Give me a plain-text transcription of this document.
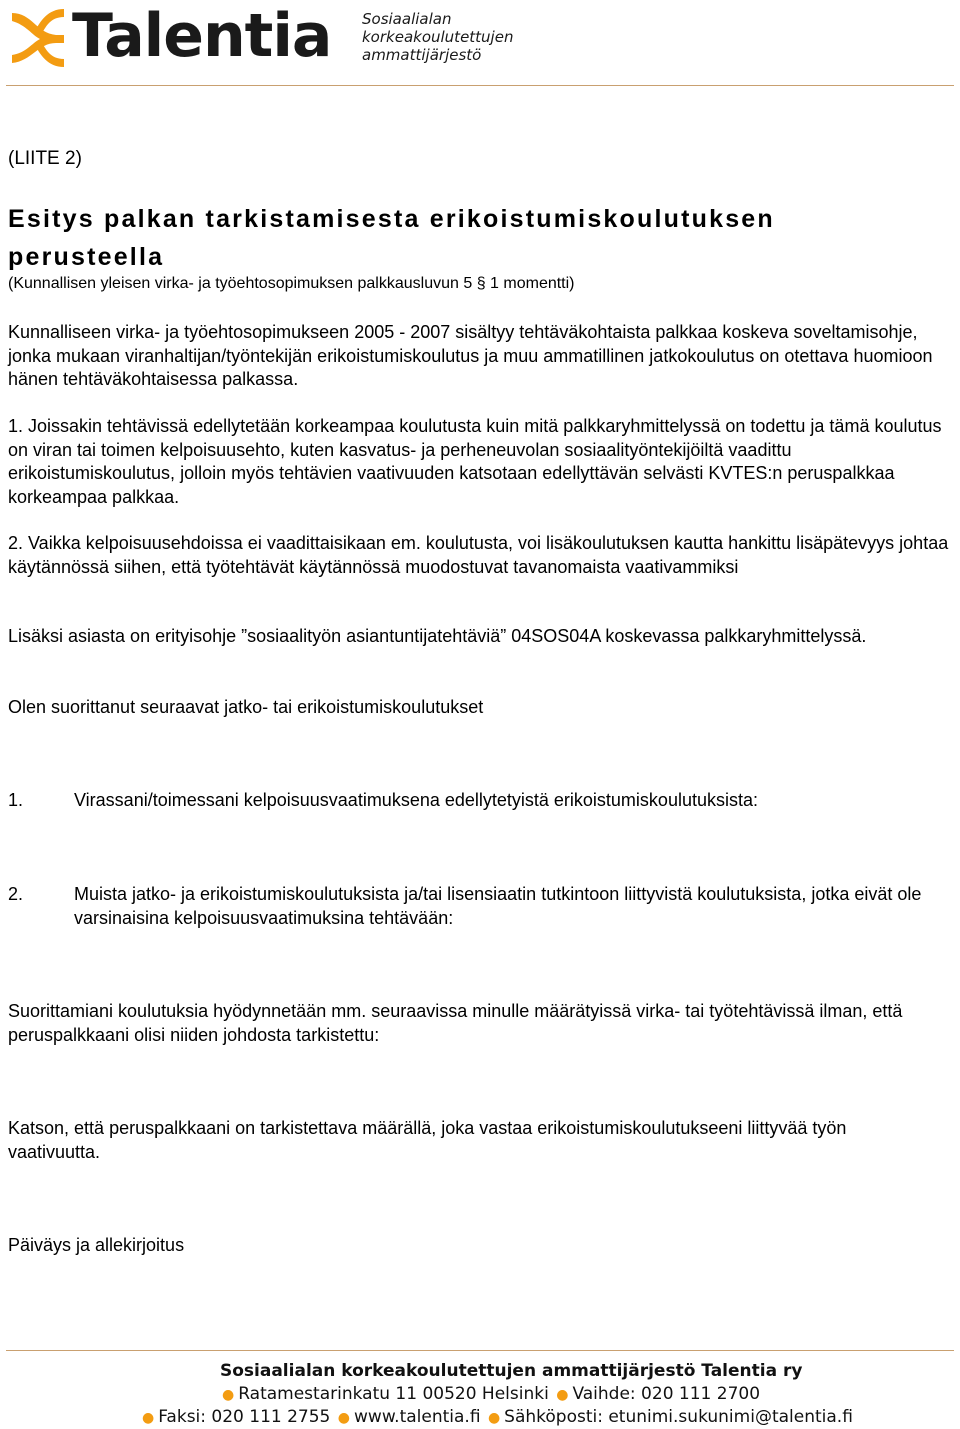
Talentia Sosiaalialan
korkeakoulutettujen
ammattijärjestö
(LIITE 2)
Esitys palkan tarkistamisesta erikoistumiskoulutuksen perusteella
(Kunnallisen yleisen virka- ja työehtosopimuksen palkkausluvun 5 § 1 momentti)
Kunnalliseen virka- ja työehtosopimukseen 2005 - 2007 sisältyy tehtäväkohtaista palkkaa koskeva soveltamisohje, jonka mukaan viranhaltijan/työntekijän erikoistumiskoulutus ja muu ammatillinen jatkokoulutus on otettava huomioon hänen tehtäväkohtaisessa palkassa.
1. Joissakin tehtävissä edellytetään korkeampaa koulutusta kuin mitä palkkaryhmittelyssä on todettu ja tämä koulutus on viran tai toimen kelpoisuusehto, kuten kasvatus- ja perheneuvolan sosiaalityöntekijöiltä vaadittu erikoistumiskoulutus, jolloin myös tehtävien vaativuuden katsotaan edellyttävän selvästi KVTES:n peruspalkkaa korkeampaa palkkaa.
2. Vaikka kelpoisuusehdoissa ei vaadittaisikaan em. koulutusta, voi lisäkoulutuksen kautta hankittu lisäpätevyys johtaa käytännössä siihen, että työtehtävät käytännössä muodostuvat tavanomaista vaativammiksi
Lisäksi asiasta on erityisohje ”sosiaalityön asiantuntijatehtäviä” 04SOS04A koskevassa palkkaryhmittelyssä.
Olen suorittanut seuraavat jatko- tai erikoistumiskoulutukset
1.	Virassani/toimessani kelpoisuusvaatimuksena edellytetyistä erikoistumiskoulutuksista:
2.	Muista jatko- ja erikoistumiskoulutuksista ja/tai lisensiaatin tutkintoon liittyvistä koulutuksista, jotka eivät ole varsinaisina kelpoisuusvaatimuksina tehtävään:
Suorittamiani koulutuksia hyödynnetään mm. seuraavissa minulle määrätyissä virka- tai työtehtävissä ilman, että peruspalkkaani olisi niiden johdosta tarkistettu:
Katson, että peruspalkkaani on tarkistettava määrällä, joka vastaa erikoistumiskoulutukseeni liittyvää työn vaativuutta.
Päiväys ja allekirjoitus
Sosiaalialan korkeakoulutettujen ammattijärjestö Talentia ry
● Ratamestarinkatu 11 00520 Helsinki ● Vaihde: 020 111 2700
● Faksi: 020 111 2755 ● www.talentia.fi ● Sähköposti: etunimi.sukunimi@talentia.fi
